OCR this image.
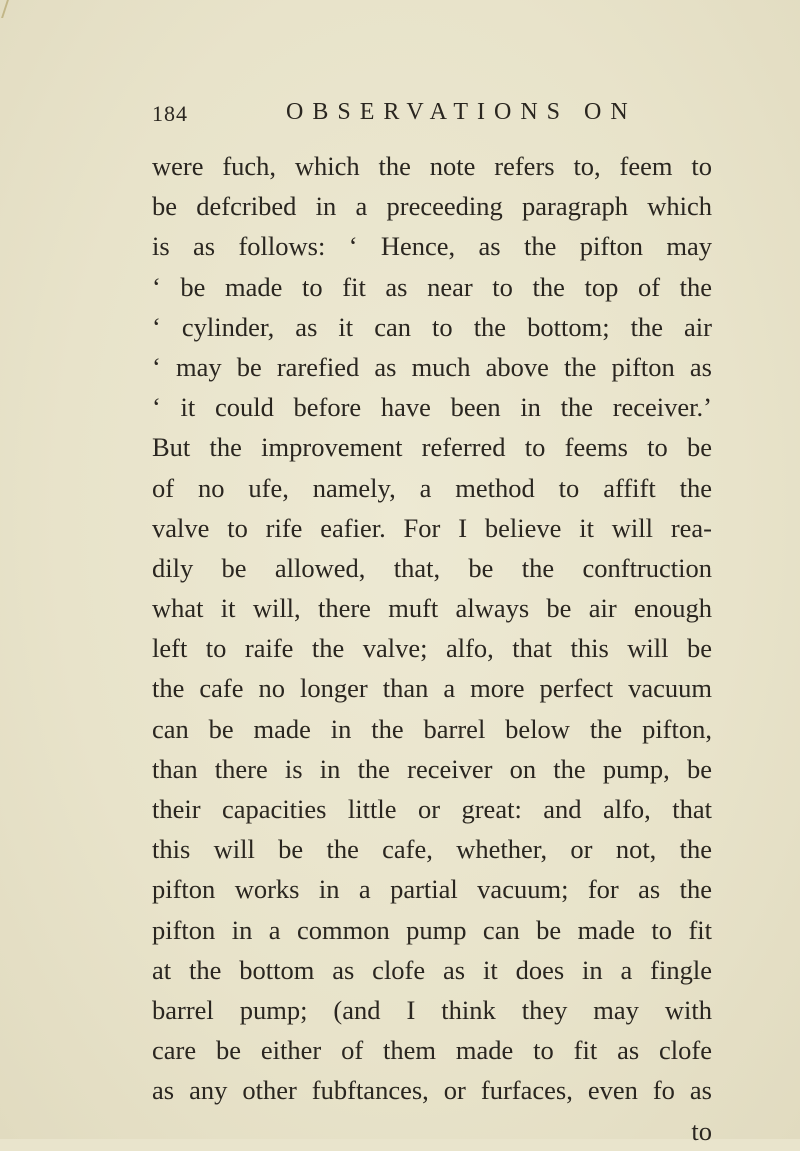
184	OBSERVATIONS ON
were fuch, which the note refers to, feem to
be defcribed in a preceeding paragraph which
is as follows: ‘ Hence, as the pifton may
‘ be made to fit as near to the top of the
‘ cylinder, as it can to the bottom; the air
‘ may be rarefied as much above the pifton as
‘ it could before have been in the receiver.’
But the improvement referred to feems to be
of no ufe, namely, a method to affift the
valve to rife eafier. For I believe it will rea-
dily be allowed, that, be the conftruction
what it will, there muft always be air enough
left to raife the valve; alfo, that this will be
the cafe no longer than a more perfect vacuum
can be made in the barrel below the pifton,
than there is in the receiver on the pump, be
their capacities little or great: and alfo, that
this will be the cafe, whether, or not, the
pifton works in a partial vacuum; for as the
pifton in a common pump can be made to fit
at the bottom as clofe as it does in a fingle
barrel pump; (and I think they may with
care be either of them made to fit as clofe
as any other fubftances, or furfaces, even fo as
to
